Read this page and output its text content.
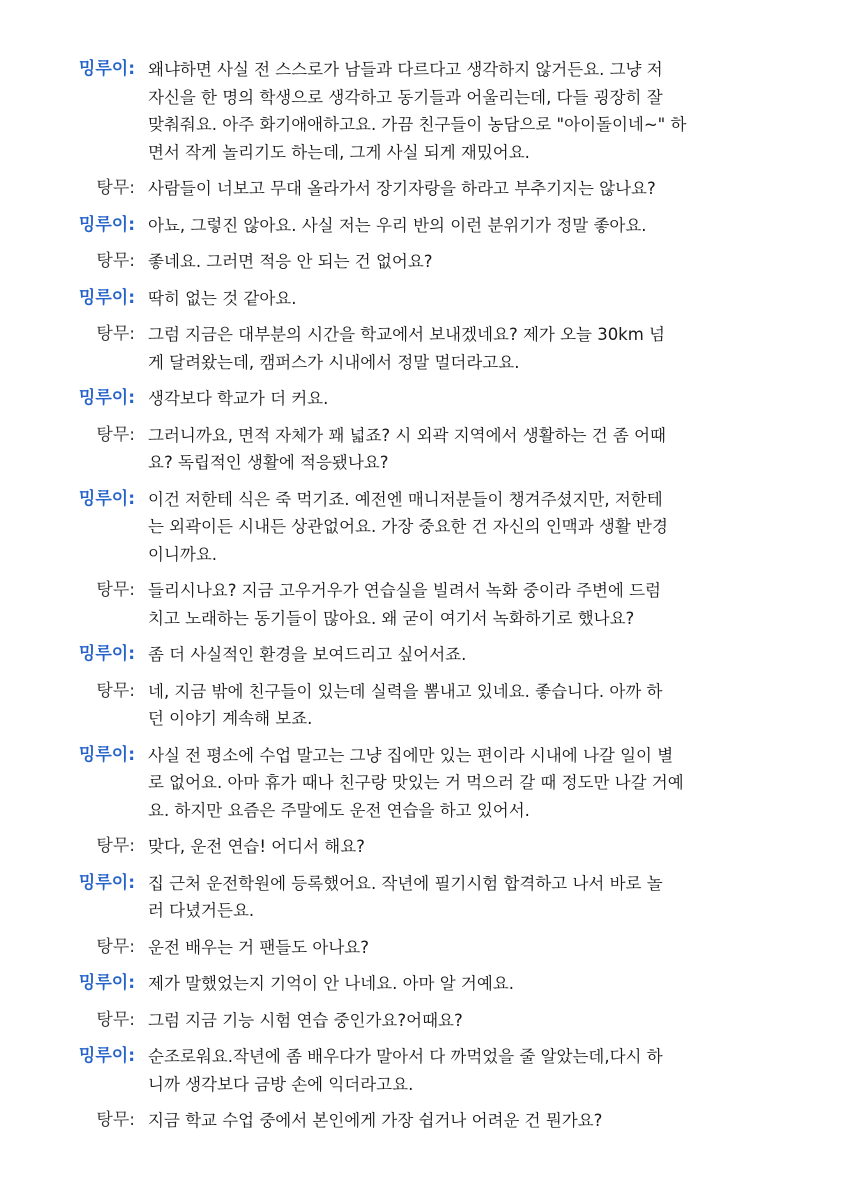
밍루이: 왜냐하면 사실 전 스스로가 남들과 다르다고 생각하지 않거든요. 그냥 저
자신을 한 명의 학생으로 생각하고 동기들과 어울리는데, 다들 굉장히 잘
맞춰줘요. 아주 화기애애하고요. 가끔 친구들이 농담으로 "아이돌이네~" 하
면서 작게 놀리기도 하는데, 그게 사실 되게 재밌어요.
탕무: 사람들이 너보고 무대 올라가서 장기자랑을 하라고 부추기지는 않나요?
밍루이: 아뇨, 그렇진 않아요. 사실 저는 우리 반의 이런 분위기가 정말 좋아요.
탕무: 좋네요. 그러면 적응 안 되는 건 없어요?
밍루이: 딱히 없는 것 같아요.
탕무: 그럼 지금은 대부분의 시간을 학교에서 보내겠네요? 제가 오늘 30km 넘
게 달려왔는데, 캠퍼스가 시내에서 정말 멀더라고요.
밍루이: 생각보다 학교가 더 커요.
탕무: 그러니까요, 면적 자체가 꽤 넓죠? 시 외곽 지역에서 생활하는 건 좀 어때
요? 독립적인 생활에 적응됐나요?
밍루이: 이건 저한테 식은 죽 먹기죠. 예전엔 매니저분들이 챙겨주셨지만, 저한테
는 외곽이든 시내든 상관없어요. 가장 중요한 건 자신의 인맥과 생활 반경
이니까요.
탕무: 들리시나요? 지금 고우거우가 연습실을 빌려서 녹화 중이라 주변에 드럼
치고 노래하는 동기들이 많아요. 왜 굳이 여기서 녹화하기로 했나요?
밍루이: 좀 더 사실적인 환경을 보여드리고 싶어서죠.
탕무: 네, 지금 밖에 친구들이 있는데 실력을 뽐내고 있네요. 좋습니다. 아까 하
던 이야기 계속해 보죠.
밍루이: 사실 전 평소에 수업 말고는 그냥 집에만 있는 편이라 시내에 나갈 일이 별
로 없어요. 아마 휴가 때나 친구랑 맛있는 거 먹으러 갈 때 정도만 나갈 거예
요. 하지만 요즘은 주말에도 운전 연습을 하고 있어서.
탕무: 맞다, 운전 연습! 어디서 해요?
밍루이: 집 근처 운전학원에 등록했어요. 작년에 필기시험 합격하고 나서 바로 놀
러 다녔거든요.
탕무: 운전 배우는 거 팬들도 아나요?
밍루이: 제가 말했었는지 기억이 안 나네요. 아마 알 거예요.
탕무: 그럼 지금 기능 시험 연습 중인가요?어때요?
밍루이: 순조로워요.작년에 좀 배우다가 말아서 다 까먹었을 줄 알았는데,다시 하
니까 생각보다 금방 손에 익더라고요.
탕무: 지금 학교 수업 중에서 본인에게 가장 쉽거나 어려운 건 뭔가요?
